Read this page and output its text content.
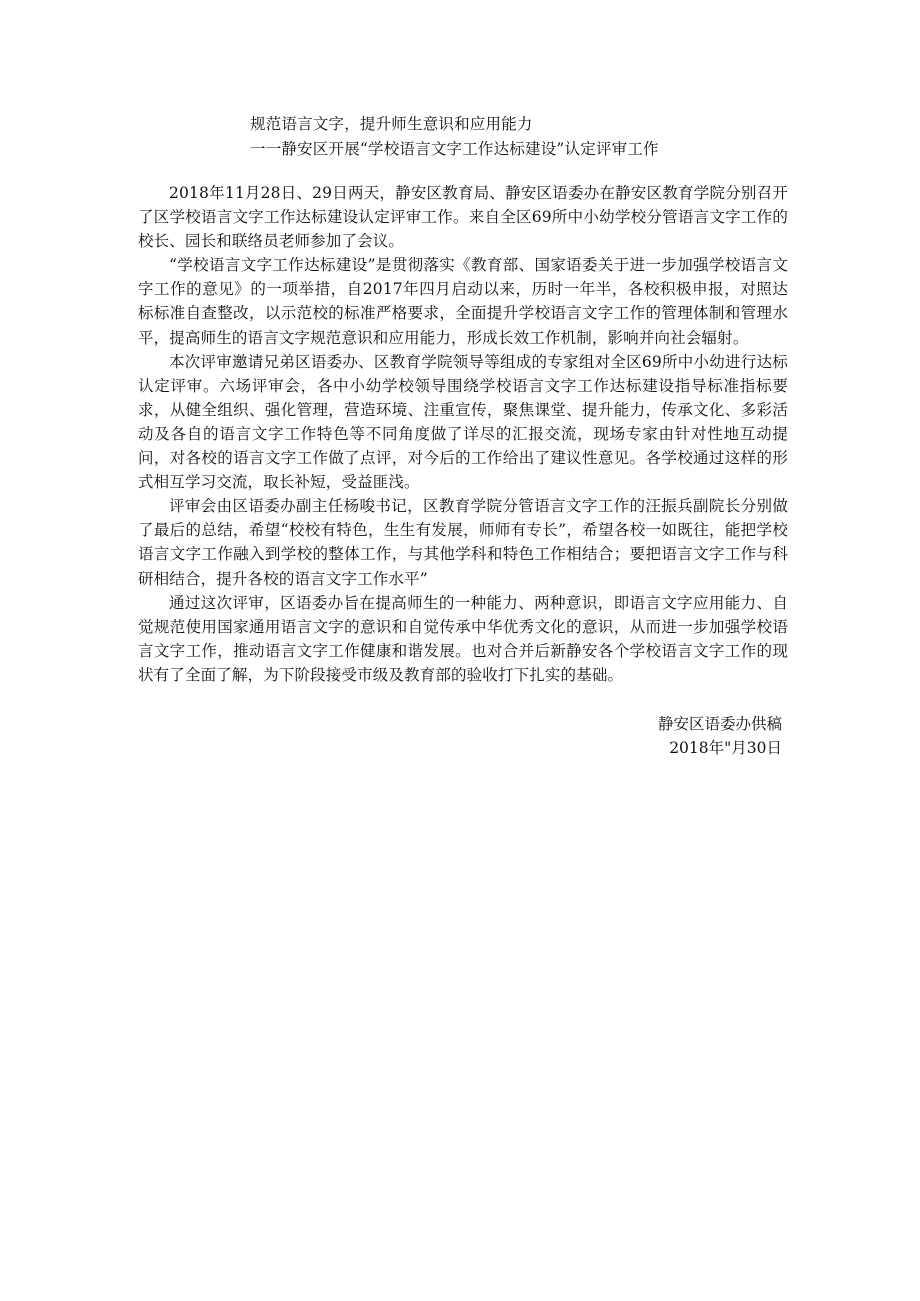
规范语言文字，提升师生意识和应用能力
一一静安区开展“学校语言文字工作达标建设”认定评审工作

2018年11月28日、29日两天，静安区教育局、静安区语委办在静安区教育学院分别召开了区学校语言文字工作达标建设认定评审工作。来自全区69所中小幼学校分管语言文字工作的校长、园长和联络员老师参加了会议。

“学校语言文字工作达标建设”是贯彻落实《教育部、国家语委关于进一步加强学校语言文字工作的意见》的一项举措，自2017年四月启动以来，历时一年半，各校积极申报，对照达标标准自查整改，以示范校的标准严格要求，全面提升学校语言文字工作的管理体制和管理水平，提高师生的语言文字规范意识和应用能力，形成长效工作机制，影响并向社会辐射。

本次评审邀请兄弟区语委办、区教育学院领导等组成的专家组对全区69所中小幼进行达标认定评审。六场评审会，各中小幼学校领导围绕学校语言文字工作达标建设指导标准指标要求，从健全组织、强化管理，营造环境、注重宣传，聚焦课堂、提升能力，传承文化、多彩活动及各自的语言文字工作特色等不同角度做了详尽的汇报交流，现场专家由针对性地互动提问，对各校的语言文字工作做了点评，对今后的工作给出了建议性意见。各学校通过这样的形式相互学习交流，取长补短，受益匪浅。

评审会由区语委办副主任杨唆书记，区教育学院分管语言文字工作的汪振兵副院长分别做了最后的总结，希望“校校有特色，生生有发展，师师有专长”，希望各校一如既往，能把学校语言文字工作融入到学校的整体工作，与其他学科和特色工作相结合；要把语言文字工作与科研相结合，提升各校的语言文字工作水平”

通过这次评审，区语委办旨在提高师生的一种能力、两种意识，即语言文字应用能力、自觉规范使用国家通用语言文字的意识和自觉传承中华优秀文化的意识，从而进一步加强学校语言文字工作，推动语言文字工作健康和谐发展。也对合并后新静安各个学校语言文字工作的现状有了全面了解，为下阶段接受市级及教育部的验收打下扎实的基础。

静安区语委办供稿
2018年"月30日
